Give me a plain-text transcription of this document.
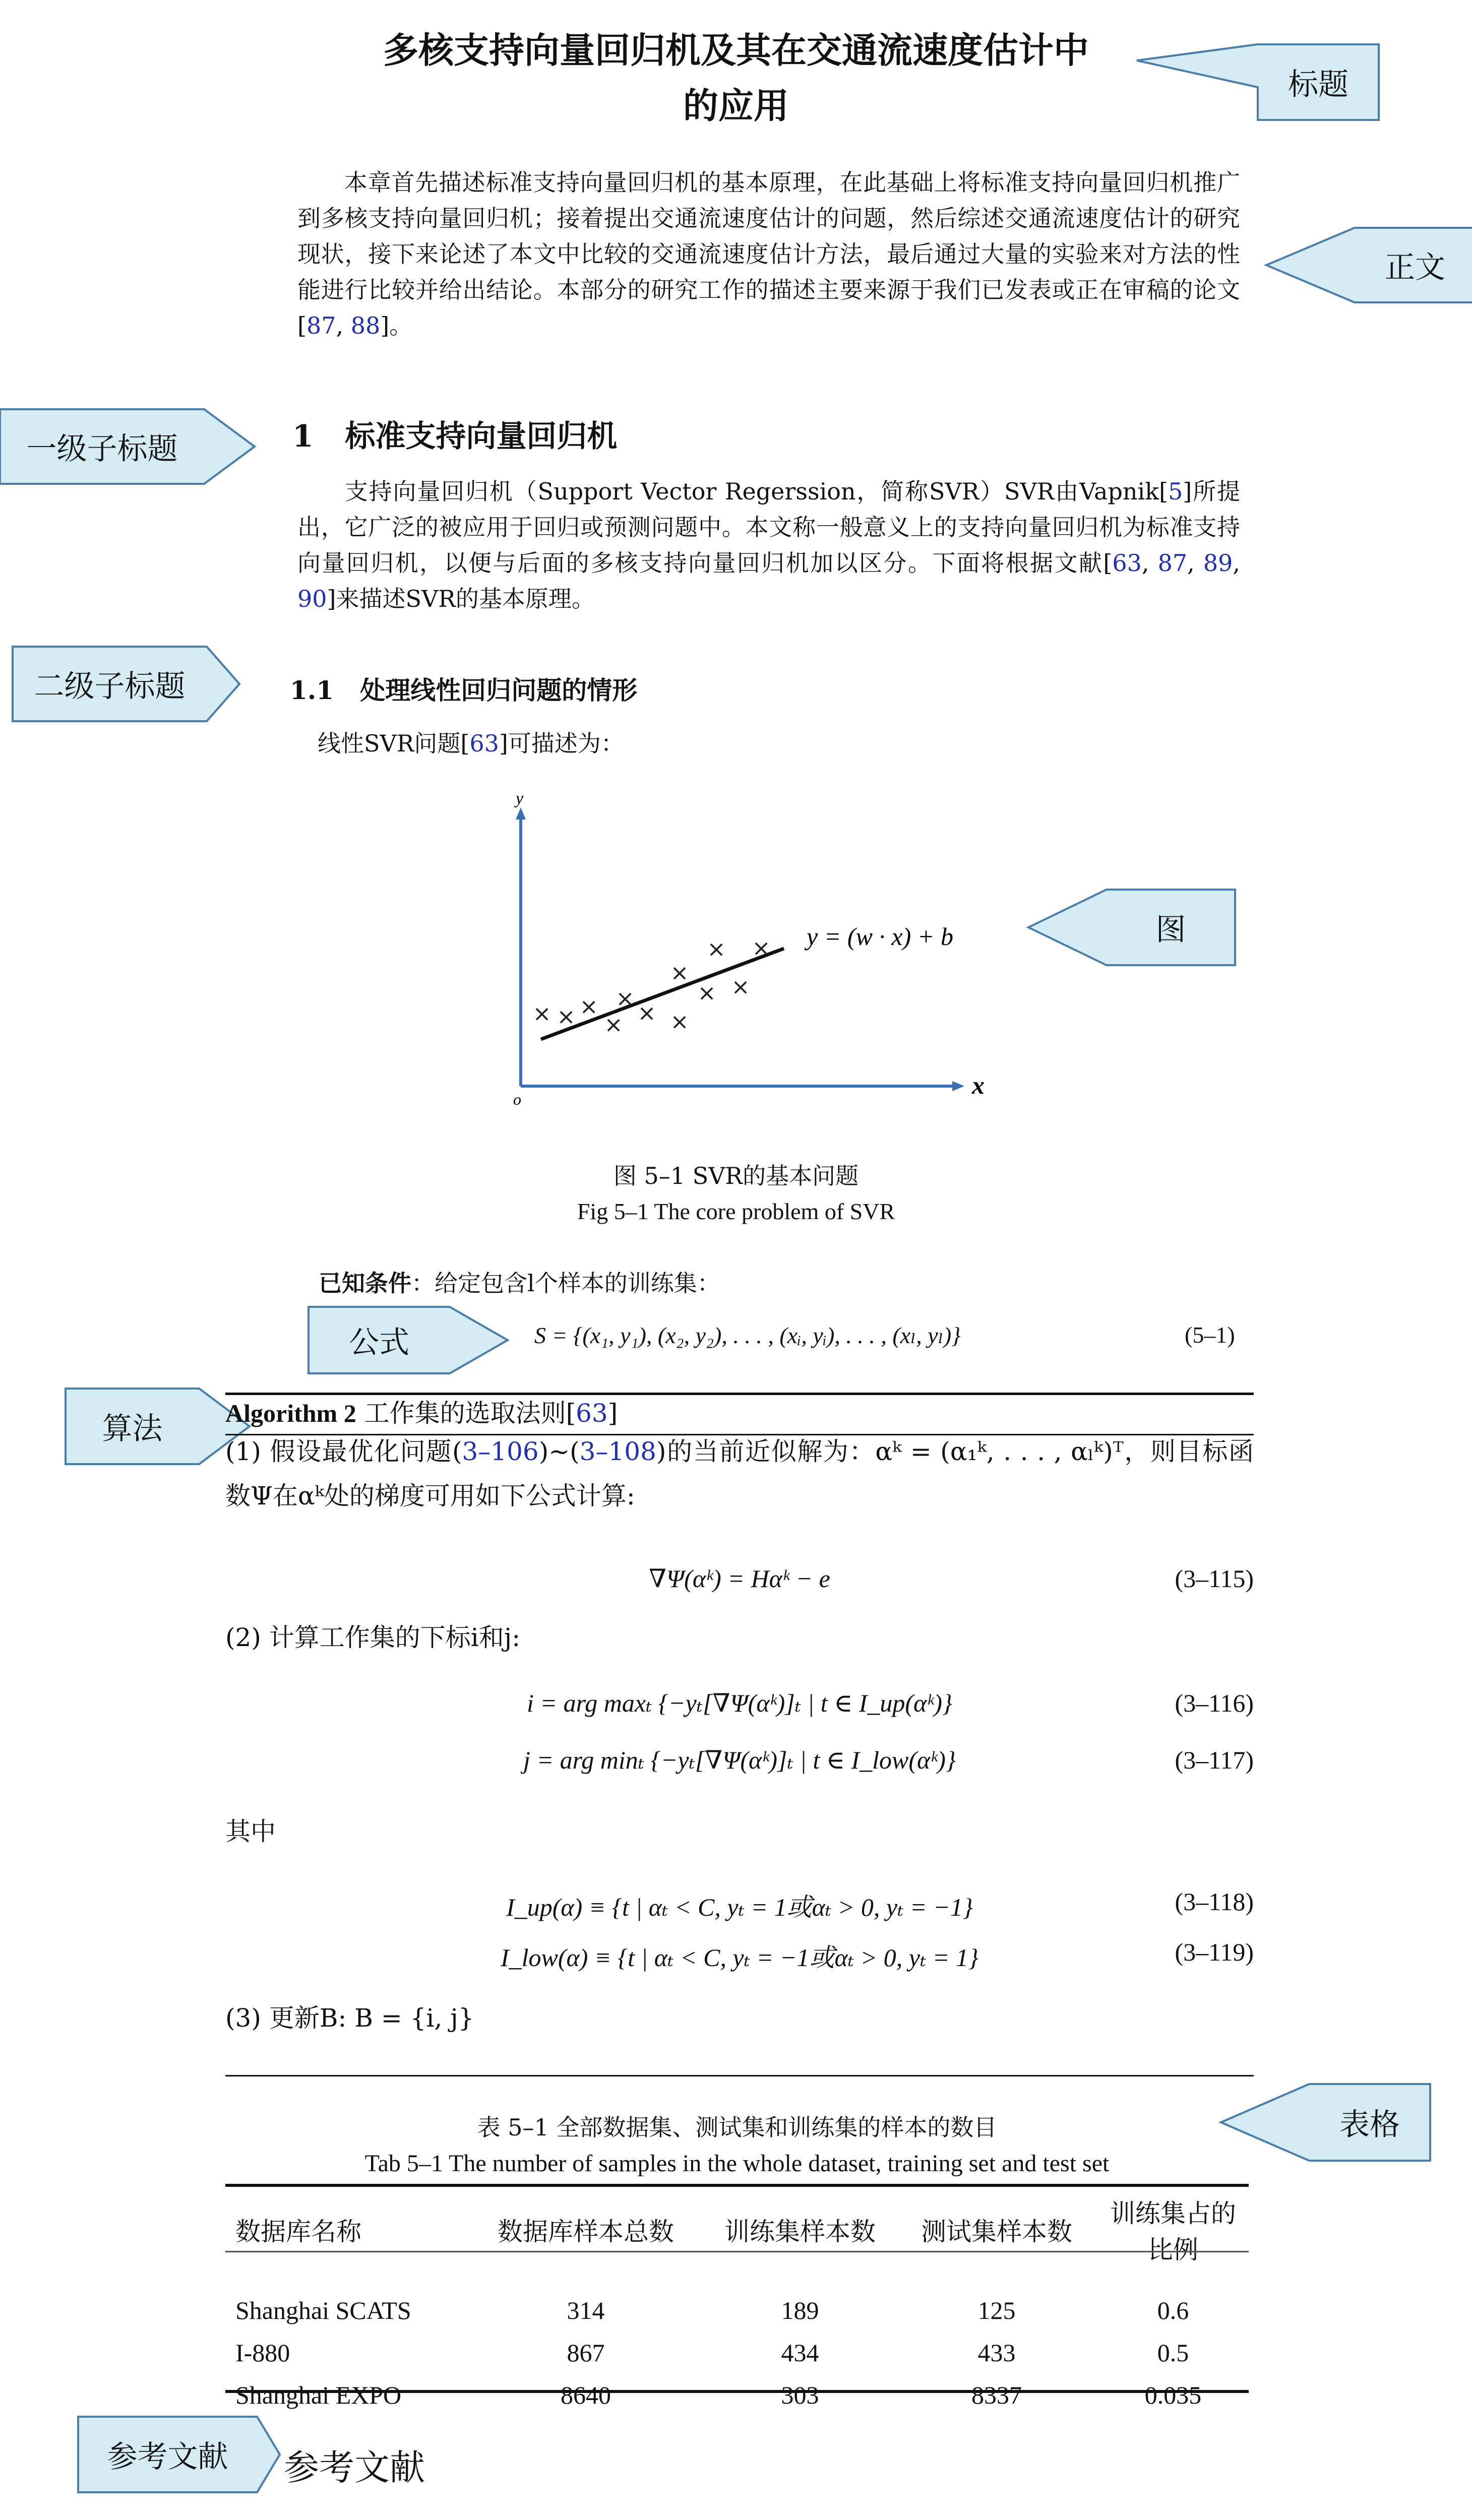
多核支持向量回归机及其在交通流速度估计中
的应用	标题
本章首先描述标准支持向量回归机的基本原理，在此基础上将标准支持向量回归机推广到多核支持向量回归机；接着提出交通流速度估计的问题，然后综述交通流速度估计的研究现状，接下来论述了本文中比较的交通流速度估计方法，最后通过大量的实验来对方法的性能进行比较并给出结论。本部分的研究工作的描述主要来源于我们已发表或正在审稿的论文[87, 88]。
正文
1 标准支持向量回归机
一级子标题
支持向量回归机（Support Vector Regerssion，简称SVR）SVR由Vapnik[5]所提出，它广泛的被应用于回归或预测问题中。本文称一般意义上的支持向量回归机为标准支持向量回归机，以便与后面的多核支持向量回归机加以区分。下面将根据文献[63, 87, 89, 90]来描述SVR的基本原理。
1.1 处理线性回归问题的情形
二级子标题
线性SVR问题[63]可描述为：
y
x
o
y = (w · x) + b
× × ×
×
×
× ×
×
×
×
×
×
图
图 5–1 SVR的基本问题
Fig 5–1 The core problem of SVR
已知条件：给定包含l个样本的训练集：
公式	S = {(x₁, y₁), (x₂, y₂), . . . , (xᵢ, yᵢ), . . . , (xₗ, yₗ)}	(5–1)
算法	Algorithm 2 工作集的选取法则[63]
(1) 假设最优化问题(3–106)~(3–108)的当前近似解为：αᵏ = (α₁ᵏ, . . . , αₗᵏ)ᵀ，则目标函数Ψ在αᵏ处的梯度可用如下公式计算:
∇Ψ(αᵏ) = Hαᵏ − e	(3–115)
(2) 计算工作集的下标i和j:
i = arg maxₜ {−yₜ[∇Ψ(αᵏ)]ₜ | t ∈ I_up(αᵏ)}	(3–116)
j = arg minₜ {−yₜ[∇Ψ(αᵏ)]ₜ | t ∈ I_low(αᵏ)}	(3–117)
其中
I_up(α) ≡ {t | αₜ < C, yₜ = 1或αₜ > 0, yₜ = −1}	(3–118)
I_low(α) ≡ {t | αₜ < C, yₜ = −1或αₜ > 0, yₜ = 1}	(3–119)
(3) 更新B: B = {i, j}
表格
表 5–1 全部数据集、测试集和训练集的样本的数目
Tab 5–1 The number of samples in the whole dataset, training set and test set
数据库名称	数据库样本总数	训练集样本数	测试集样本数	训练集占的比例

Shanghai SCATS	314	189	125	0.6
I-880	867	434	433	0.5
Shanghai EXPO	8640	303	8337	0.035
参考文献	参考文献
